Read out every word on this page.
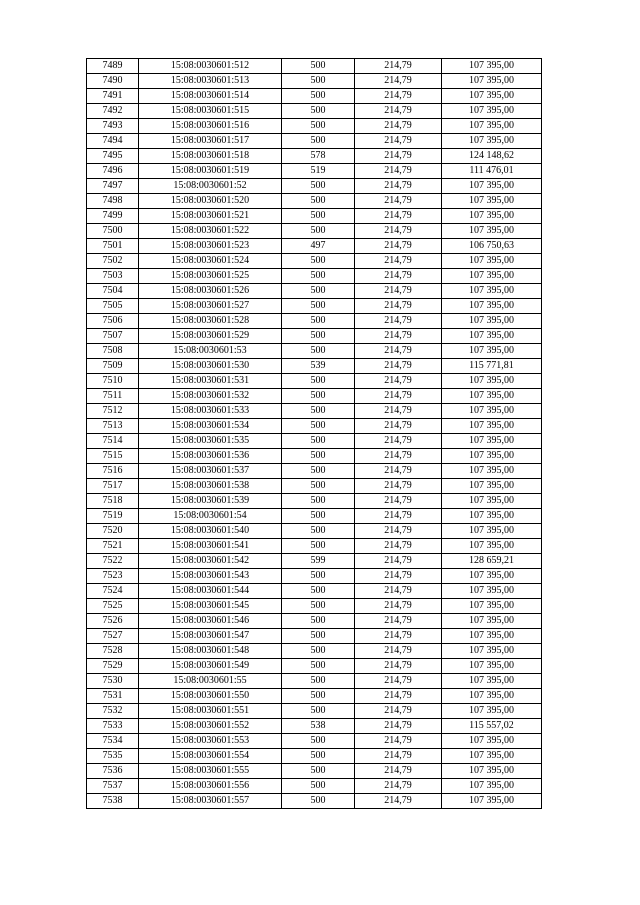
7489	15:08:0030601:512	500	214,79	107 395,00
7490	15:08:0030601:513	500	214,79	107 395,00
7491	15:08:0030601:514	500	214,79	107 395,00
7492	15:08:0030601:515	500	214,79	107 395,00
7493	15:08:0030601:516	500	214,79	107 395,00
7494	15:08:0030601:517	500	214,79	107 395,00
7495	15:08:0030601:518	578	214,79	124 148,62
7496	15:08:0030601:519	519	214,79	111 476,01
7497	15:08:0030601:52	500	214,79	107 395,00
7498	15:08:0030601:520	500	214,79	107 395,00
7499	15:08:0030601:521	500	214,79	107 395,00
7500	15:08:0030601:522	500	214,79	107 395,00
7501	15:08:0030601:523	497	214,79	106 750,63
7502	15:08:0030601:524	500	214,79	107 395,00
7503	15:08:0030601:525	500	214,79	107 395,00
7504	15:08:0030601:526	500	214,79	107 395,00
7505	15:08:0030601:527	500	214,79	107 395,00
7506	15:08:0030601:528	500	214,79	107 395,00
7507	15:08:0030601:529	500	214,79	107 395,00
7508	15:08:0030601:53	500	214,79	107 395,00
7509	15:08:0030601:530	539	214,79	115 771,81
7510	15:08:0030601:531	500	214,79	107 395,00
7511	15:08:0030601:532	500	214,79	107 395,00
7512	15:08:0030601:533	500	214,79	107 395,00
7513	15:08:0030601:534	500	214,79	107 395,00
7514	15:08:0030601:535	500	214,79	107 395,00
7515	15:08:0030601:536	500	214,79	107 395,00
7516	15:08:0030601:537	500	214,79	107 395,00
7517	15:08:0030601:538	500	214,79	107 395,00
7518	15:08:0030601:539	500	214,79	107 395,00
7519	15:08:0030601:54	500	214,79	107 395,00
7520	15:08:0030601:540	500	214,79	107 395,00
7521	15:08:0030601:541	500	214,79	107 395,00
7522	15:08:0030601:542	599	214,79	128 659,21
7523	15:08:0030601:543	500	214,79	107 395,00
7524	15:08:0030601:544	500	214,79	107 395,00
7525	15:08:0030601:545	500	214,79	107 395,00
7526	15:08:0030601:546	500	214,79	107 395,00
7527	15:08:0030601:547	500	214,79	107 395,00
7528	15:08:0030601:548	500	214,79	107 395,00
7529	15:08:0030601:549	500	214,79	107 395,00
7530	15:08:0030601:55	500	214,79	107 395,00
7531	15:08:0030601:550	500	214,79	107 395,00
7532	15:08:0030601:551	500	214,79	107 395,00
7533	15:08:0030601:552	538	214,79	115 557,02
7534	15:08:0030601:553	500	214,79	107 395,00
7535	15:08:0030601:554	500	214,79	107 395,00
7536	15:08:0030601:555	500	214,79	107 395,00
7537	15:08:0030601:556	500	214,79	107 395,00
7538	15:08:0030601:557	500	214,79	107 395,00
